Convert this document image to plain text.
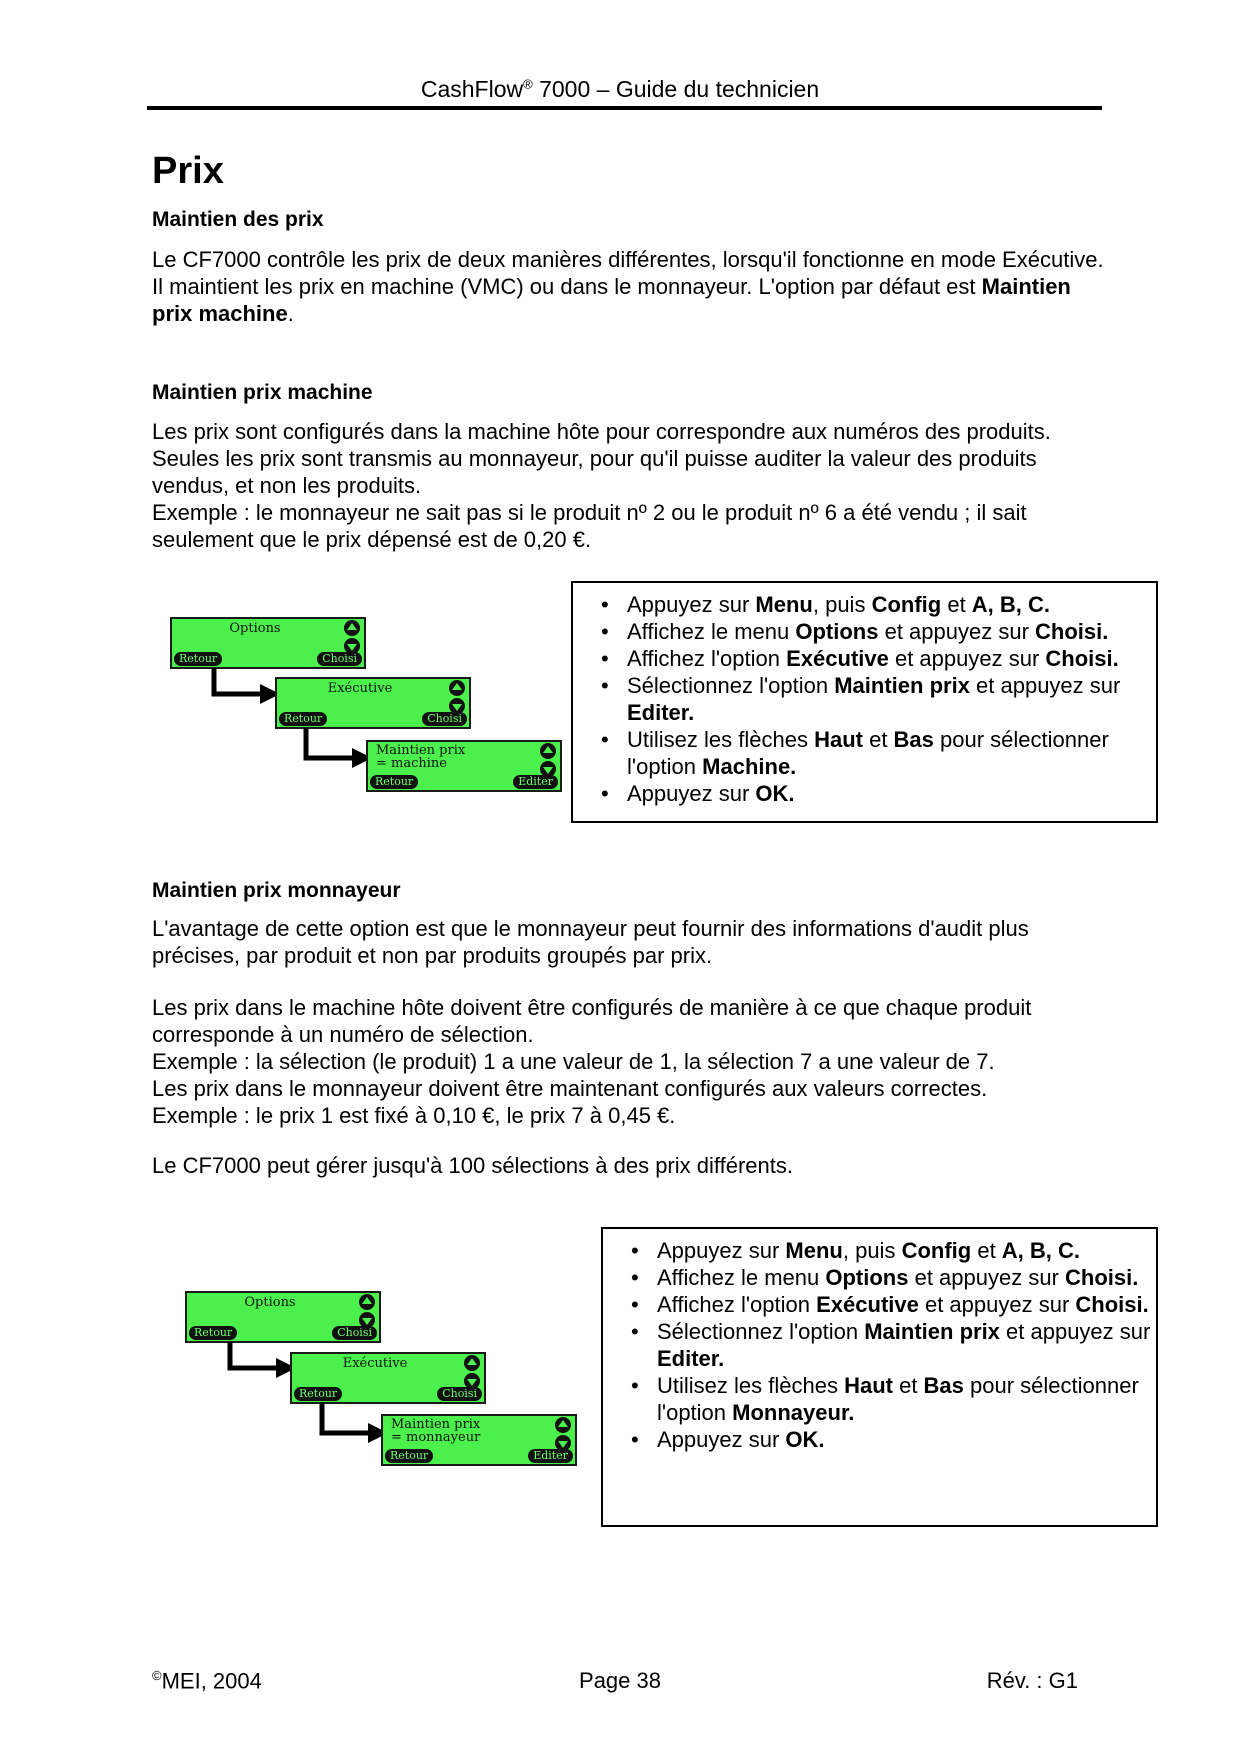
CashFlow® 7000 – Guide du technicien
Prix
Maintien des prix

Le CF7000 contrôle les prix de deux manières différentes, lorsqu'il fonctionne en mode Exécutive. Il maintient les prix en machine (VMC) ou dans le monnayeur. L'option par défaut est Maintien prix machine.

Maintien prix machine

Les prix sont configurés dans la machine hôte pour correspondre aux numéros des produits.

Seules les prix sont transmis au monnayeur, pour qu'il puisse auditer la valeur des produits vendus, et non les produits.

Exemple : le monnayeur ne sait pas si le produit nº 2 ou le produit nº 6 a été vendu ; il sait seulement que le prix dépensé est de 0,20 €.

Options
Retour	Choisi
Exécutive
Retour	Choisi
Maintien prix
= machine
Retour	Editer
• Appuyez sur Menu, puis Config et A, B, C.
• Affichez le menu Options et appuyez sur Choisi.
• Affichez l'option Exécutive et appuyez sur Choisi.
• Sélectionnez l'option Maintien prix et appuyez sur Editer.
• Utilisez les flèches Haut et Bas pour sélectionner l'option Machine.
• Appuyez sur OK.
Maintien prix monnayeur

L'avantage de cette option est que le monnayeur peut fournir des informations d'audit plus précises, par produit et non par produits groupés par prix.

Les prix dans le machine hôte doivent être configurés de manière à ce que chaque produit corresponde à un numéro de sélection.

Exemple : la sélection (le produit) 1 a une valeur de 1, la sélection 7 a une valeur de 7.

Les prix dans le monnayeur doivent être maintenant configurés aux valeurs correctes.

Exemple : le prix 1 est fixé à 0,10 €, le prix 7 à 0,45 €.

Le CF7000 peut gérer jusqu'à 100 sélections à des prix différents.

Options
Retour	Choisi
Exécutive
Retour	Choisi
Maintien prix
= monnayeur
Retour	Editer
• Appuyez sur Menu, puis Config et A, B, C.
• Affichez le menu Options et appuyez sur Choisi.
• Affichez l'option Exécutive et appuyez sur Choisi.
• Sélectionnez l'option Maintien prix et appuyez sur Editer.
• Utilisez les flèches Haut et Bas pour sélectionner l'option Monnayeur.
• Appuyez sur OK.
©MEI, 2004	Page 38	Rév. : G1
